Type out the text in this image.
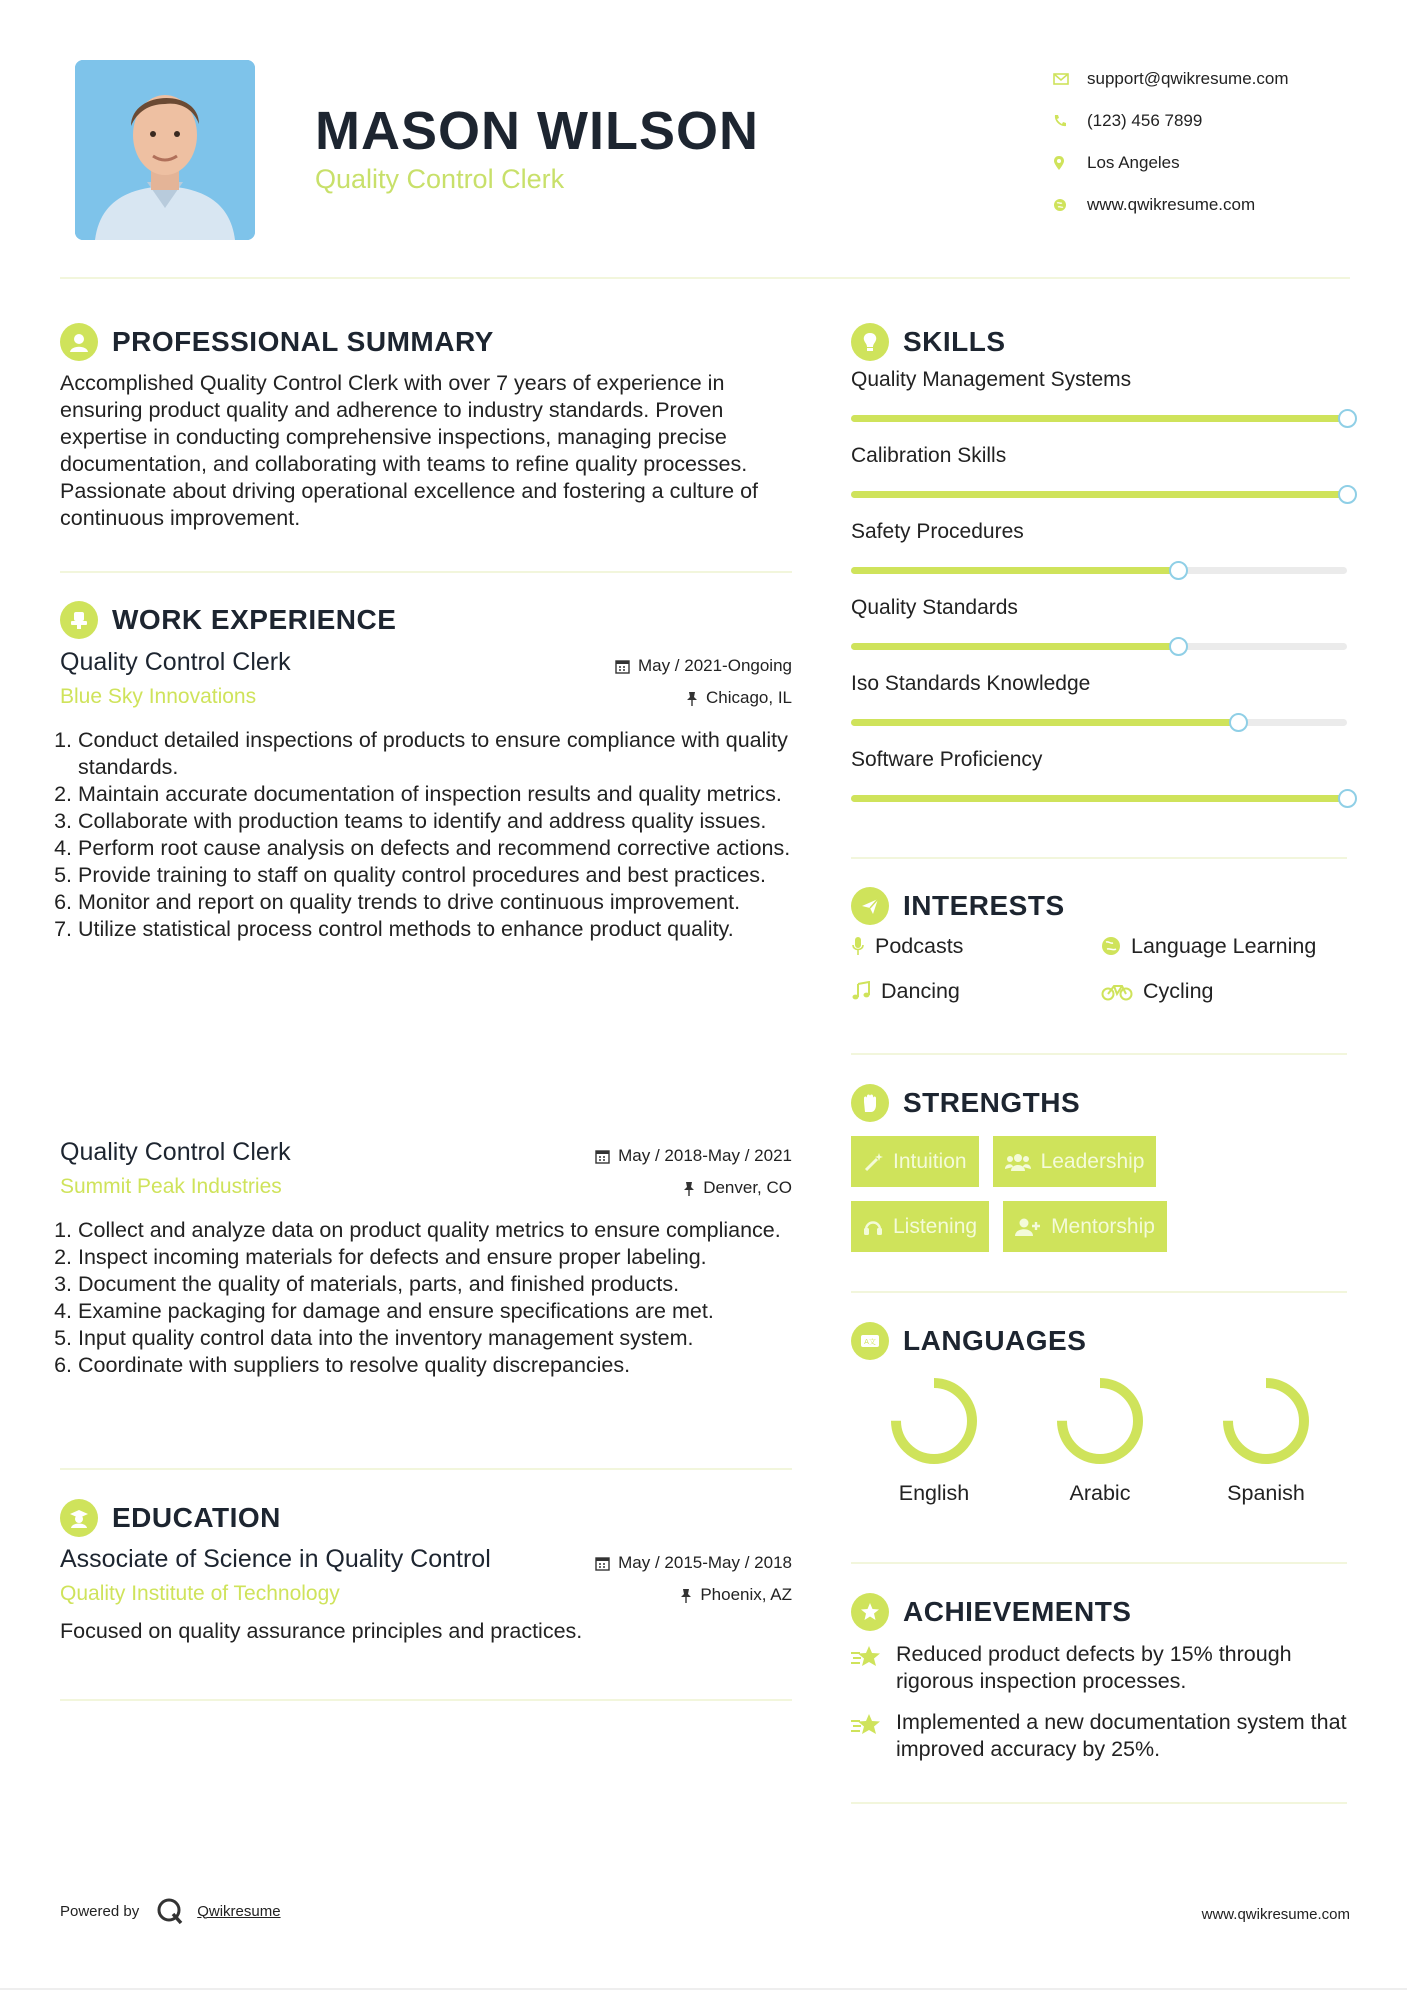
MASON WILSON
Quality Control Clerk
support@qwikresume.com
(123) 456 7899
Los Angeles
www.qwikresume.com
PROFESSIONAL SUMMARY
Accomplished Quality Control Clerk with over 7 years of experience in ensuring product quality and adherence to industry standards. Proven expertise in conducting comprehensive inspections, managing precise documentation, and collaborating with teams to refine quality processes. Passionate about driving operational excellence and fostering a culture of continuous improvement.
WORK EXPERIENCE
Quality Control Clerk
Blue Sky Innovations
May / 2021-Ongoing
Chicago, IL
1. Conduct detailed inspections of products to ensure compliance with quality standards.
2. Maintain accurate documentation of inspection results and quality metrics.
3. Collaborate with production teams to identify and address quality issues.
4. Perform root cause analysis on defects and recommend corrective actions.
5. Provide training to staff on quality control procedures and best practices.
6. Monitor and report on quality trends to drive continuous improvement.
7. Utilize statistical process control methods to enhance product quality.
Quality Control Clerk
Summit Peak Industries
May / 2018-May / 2021
Denver, CO
1. Collect and analyze data on product quality metrics to ensure compliance.
2. Inspect incoming materials for defects and ensure proper labeling.
3. Document the quality of materials, parts, and finished products.
4. Examine packaging for damage and ensure specifications are met.
5. Input quality control data into the inventory management system.
6. Coordinate with suppliers to resolve quality discrepancies.
EDUCATION
Associate of Science in Quality Control
Quality Institute of Technology
May / 2015-May / 2018
Phoenix, AZ
Focused on quality assurance principles and practices.
SKILLS
Quality Management Systems
Calibration Skills
Safety Procedures
Quality Standards
Iso Standards Knowledge
Software Proficiency
INTERESTS
Podcasts	Language Learning
Dancing	Cycling
STRENGTHS
Intuition	Leadership
Listening	Mentorship
A文 LANGUAGES
English	Arabic	Spanish
ACHIEVEMENTS
Reduced product defects by 15% through rigorous inspection processes.
Implemented a new documentation system that improved accuracy by 25%.
Powered by	Qwikresume	www.qwikresume.com
